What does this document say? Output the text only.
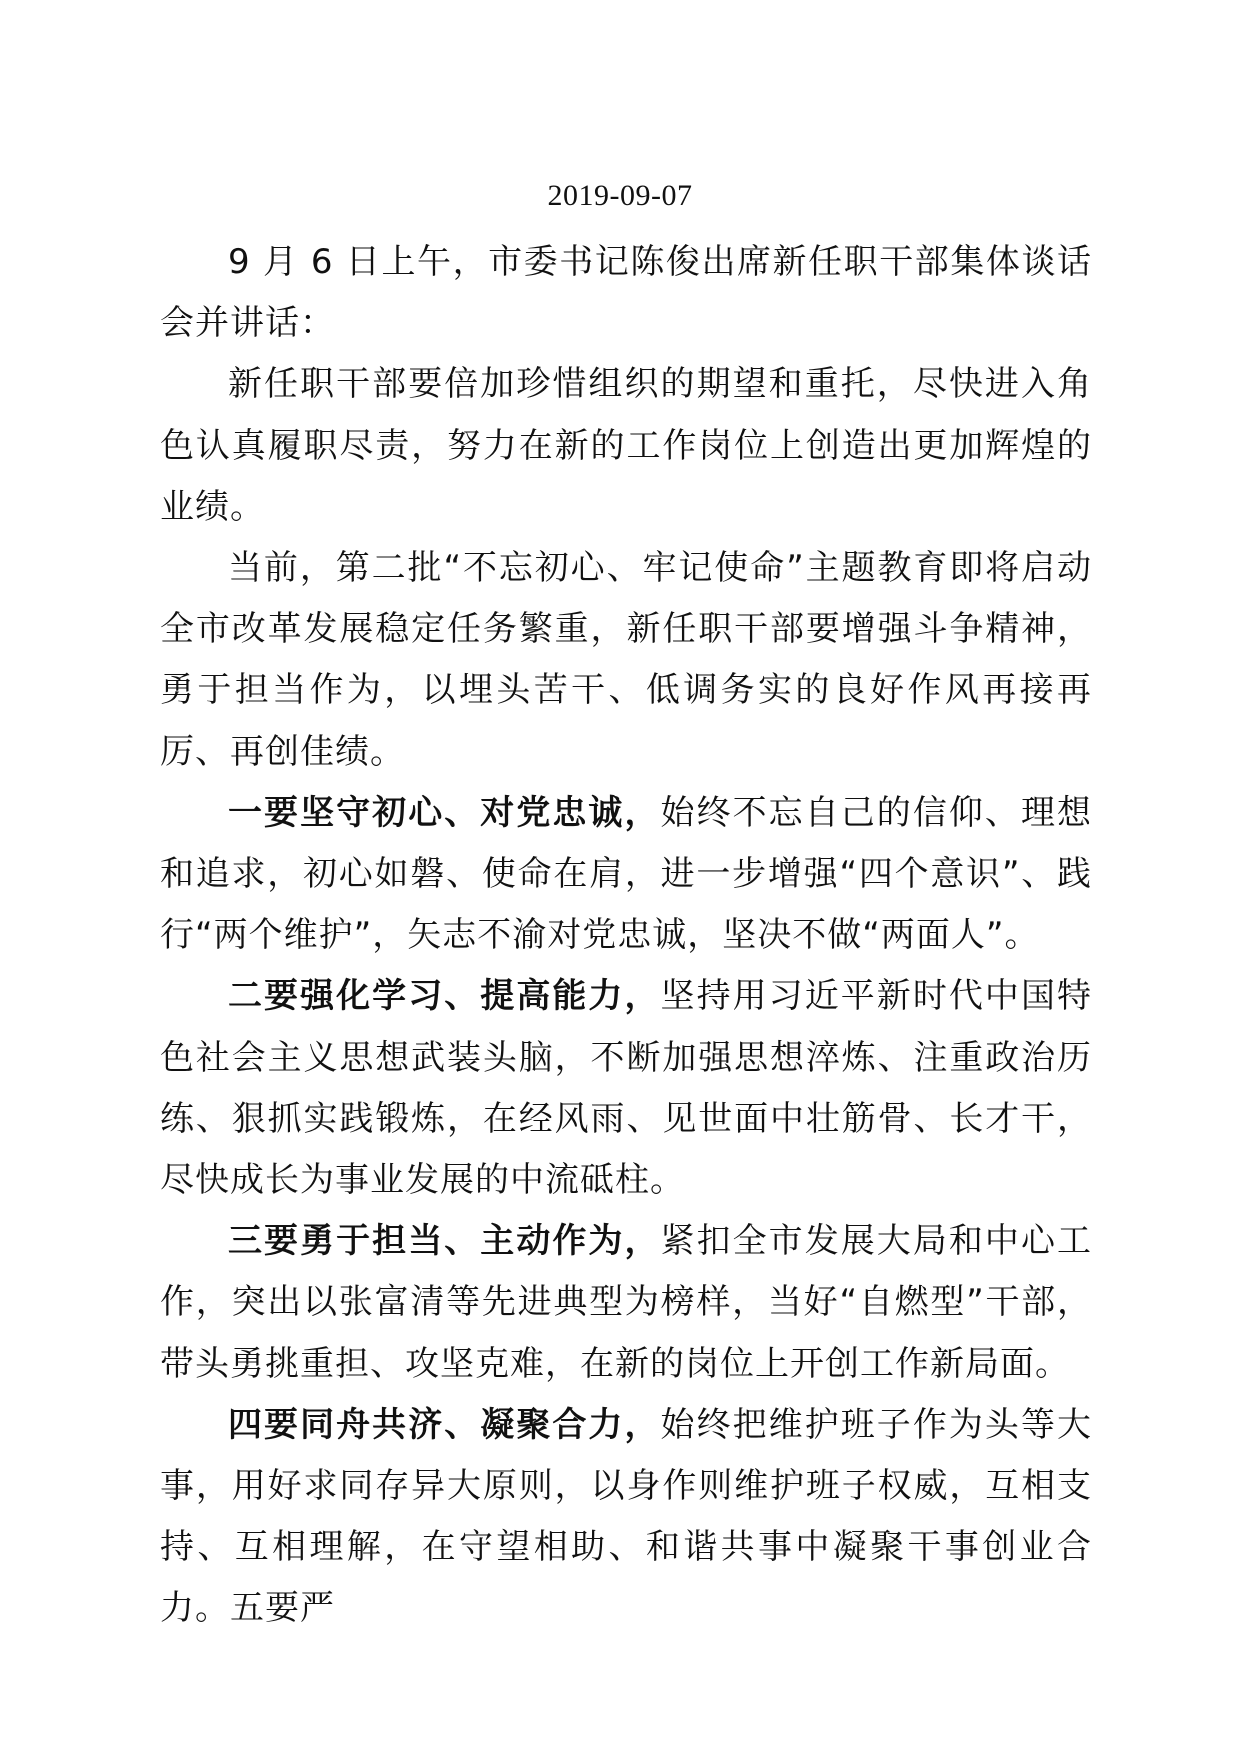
2019-09-07

9 月 6 日上午，市委书记陈俊出席新任职干部集体谈话会并讲话：

新任职干部要倍加珍惜组织的期望和重托，尽快进入角色认真履职尽责，努力在新的工作岗位上创造出更加辉煌的业绩。

当前，第二批“不忘初心、牢记使命”主题教育即将启动全市改革发展稳定任务繁重，新任职干部要增强斗争精神，勇于担当作为，以埋头苦干、低调务实的良好作风再接再厉、再创佳绩。

一要坚守初心、对党忠诚，始终不忘自己的信仰、理想和追求，初心如磐、使命在肩，进一步增强“四个意识”、践行“两个维护”，矢志不渝对党忠诚，坚决不做“两面人”。

二要强化学习、提高能力，坚持用习近平新时代中国特色社会主义思想武装头脑，不断加强思想淬炼、注重政治历练、狠抓实践锻炼，在经风雨、见世面中壮筋骨、长才干，尽快成长为事业发展的中流砥柱。

三要勇于担当、主动作为，紧扣全市发展大局和中心工作，突出以张富清等先进典型为榜样，当好“自燃型”干部，带头勇挑重担、攻坚克难，在新的岗位上开创工作新局面。

四要同舟共济、凝聚合力，始终把维护班子作为头等大事，用好求同存异大原则，以身作则维护班子权威，互相支持、互相理解，在守望相助、和谐共事中凝聚干事创业合力。五要严
